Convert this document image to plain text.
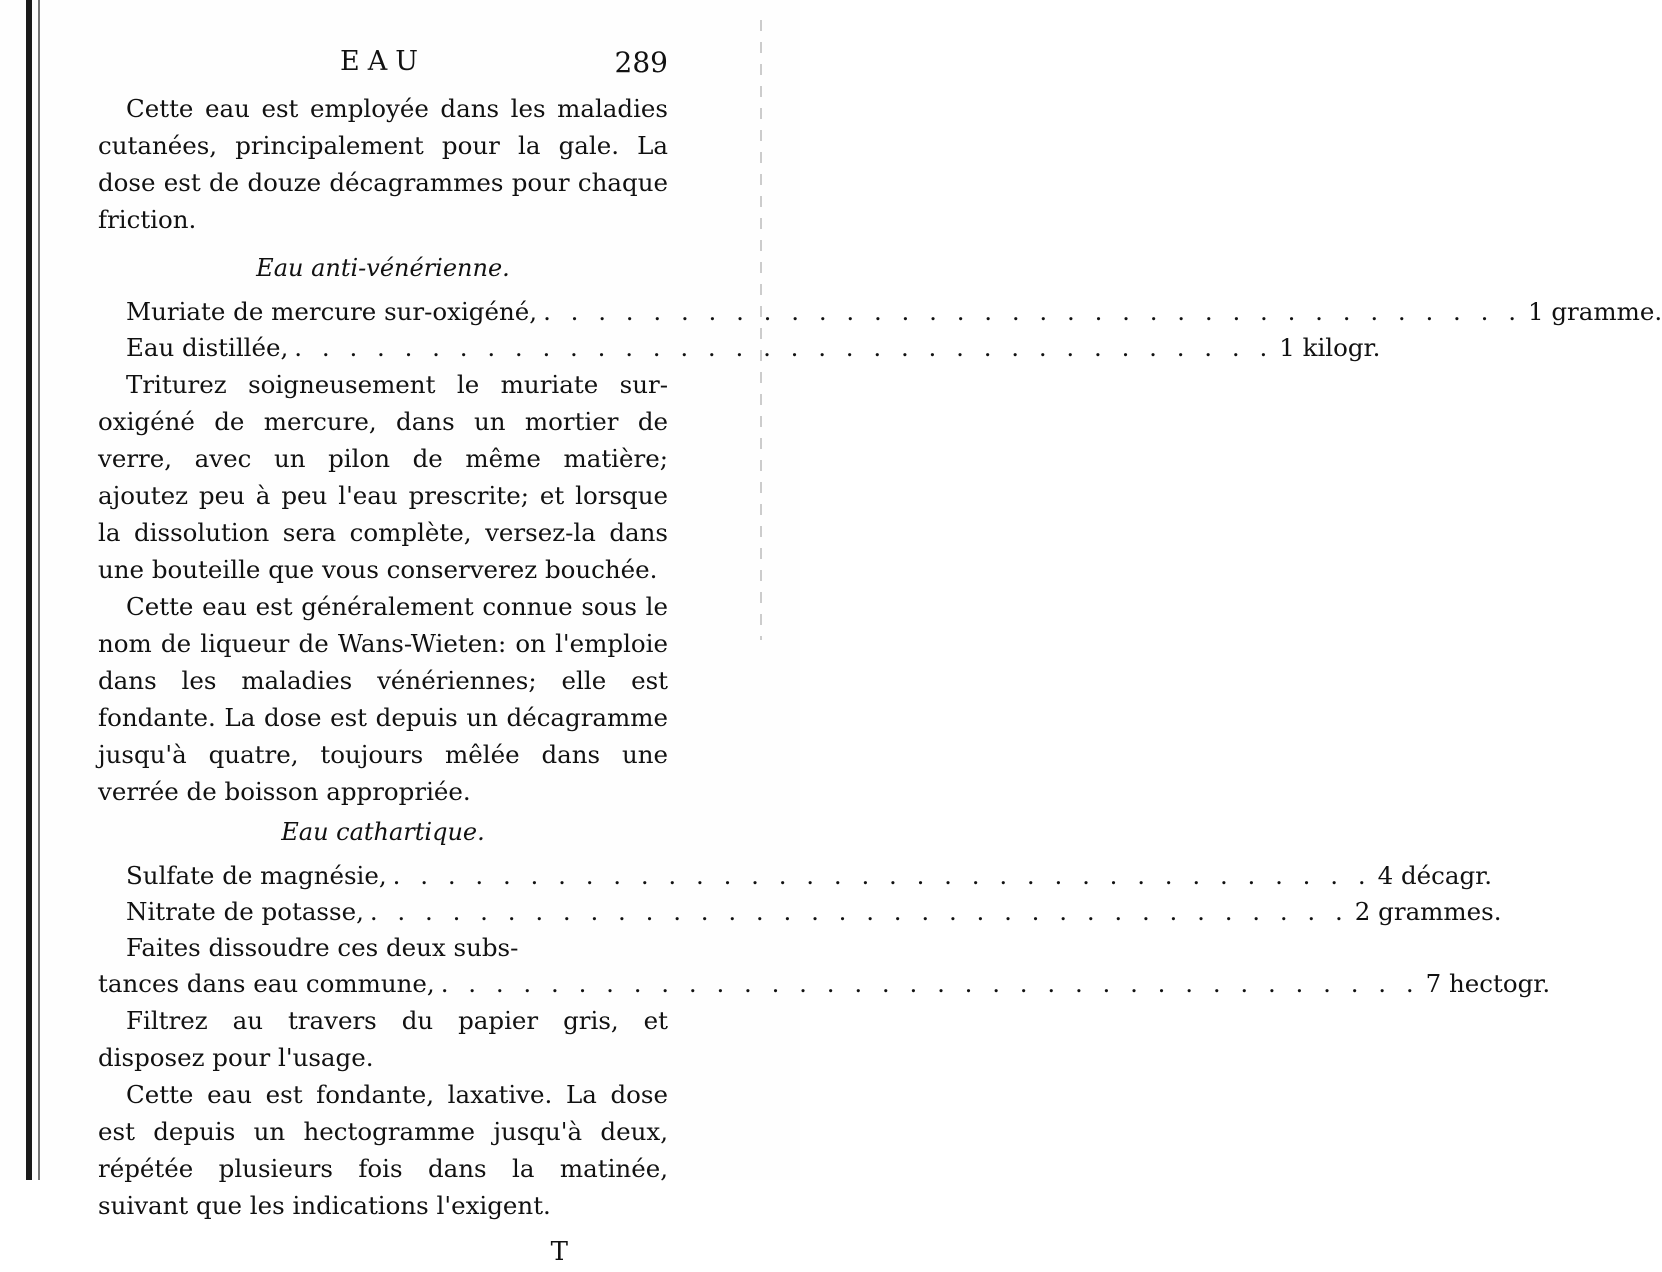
EAU	289

Cette eau est employée dans les maladies cutanées, principalement pour la gale. La dose est de douze décagrammes pour chaque friction.

Eau anti-vénérienne.
Muriate de mercure sur-oxigéné, . . .	1 gramme.
Eau distillée, . . .	1 kilogr.

Triturez soigneusement le muriate sur-oxigéné de mercure, dans un mortier de verre, avec un pilon de même matière; ajoutez peu à peu l'eau prescrite; et lorsque la dissolution sera complète, versez-la dans une bouteille que vous conserverez bouchée.

Cette eau est généralement connue sous le nom de liqueur de Wans-Wieten: on l'emploie dans les maladies vénériennes; elle est fondante. La dose est depuis un décagramme jusqu'à quatre, toujours mêlée dans une verrée de boisson appropriée.

Eau cathartique.
Sulfate de magnésie, . . .	4 décagr.
Nitrate de potasse, . . .	2 grammes.
Faites dissoudre ces deux subs-
tances dans eau commune, . . .	7 hectogr.

Filtrez au travers du papier gris, et disposez pour l'usage.

Cette eau est fondante, laxative. La dose est depuis un hectogramme jusqu'à deux, répétée plusieurs fois dans la matinée, suivant que les indications l'exigent.

T
